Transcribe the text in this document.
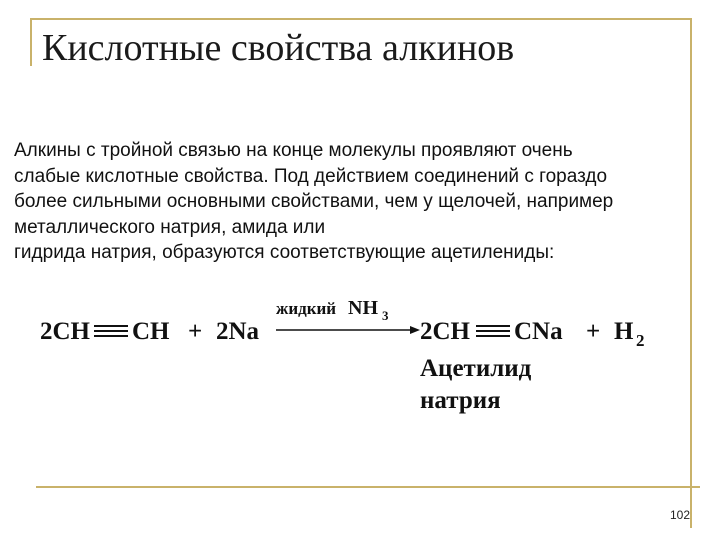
Кислотные свойства алкинов
Алкины с тройной связью на конце молекулы проявляют очень
слабые кислотные свойства. Под действием соединений с гораздо
более сильными основными свойствами, чем у щелочей, например
металлического натрия, амида или
гидрида натрия, образуются соответствующие ацетилениды:
2CH CH + 2Na
жидкий NH 3
2CH CNa + H 2
Ацетилид
натрия
102
